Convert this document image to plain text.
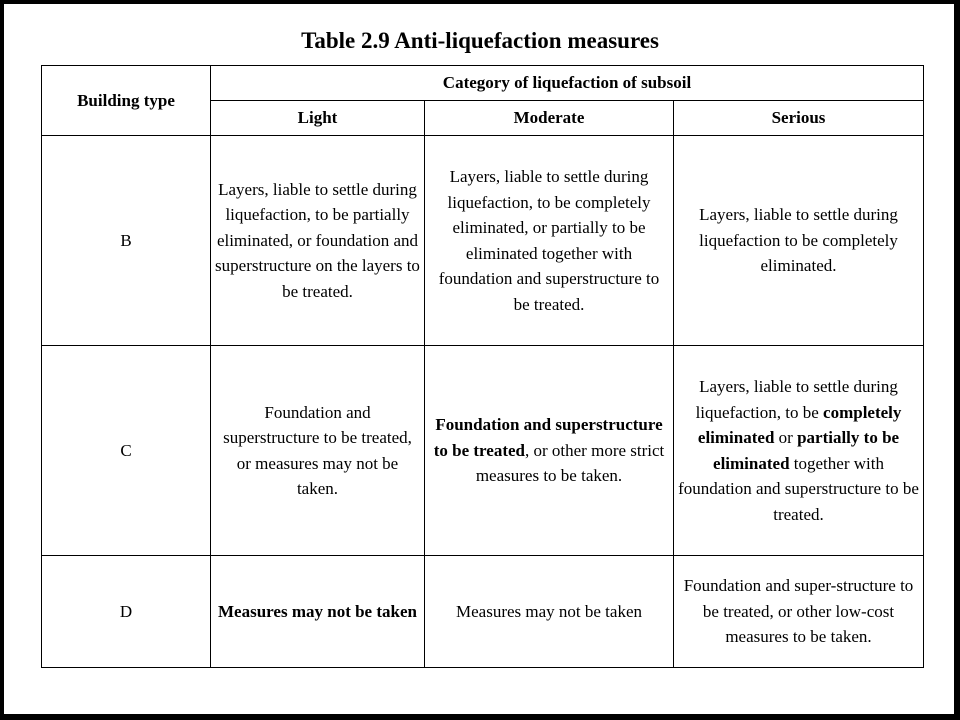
Table 2.9 Anti-liquefaction measures
Building type	Category of liquefaction of subsoil		
	Light	Moderate	Serious
B	Layers, liable to settle during liquefaction, to be partially eliminated, or foundation and superstructure on the layers to be treated.	Layers, liable to settle during liquefaction, to be completely eliminated, or partially to be eliminated together with foundation and superstructure to be treated.	Layers, liable to settle during liquefaction to be completely eliminated.
C	Foundation and superstructure to be treated, or measures may not be taken.	Foundation and superstructure to be treated, or other more strict measures to be taken.	Layers, liable to settle during liquefaction, to be completely eliminated or partially to be eliminated together with foundation and superstructure to be treated.
D	Measures may not be taken	Measures may not be taken	Foundation and super-structure to be treated, or other low-cost measures to be taken.
